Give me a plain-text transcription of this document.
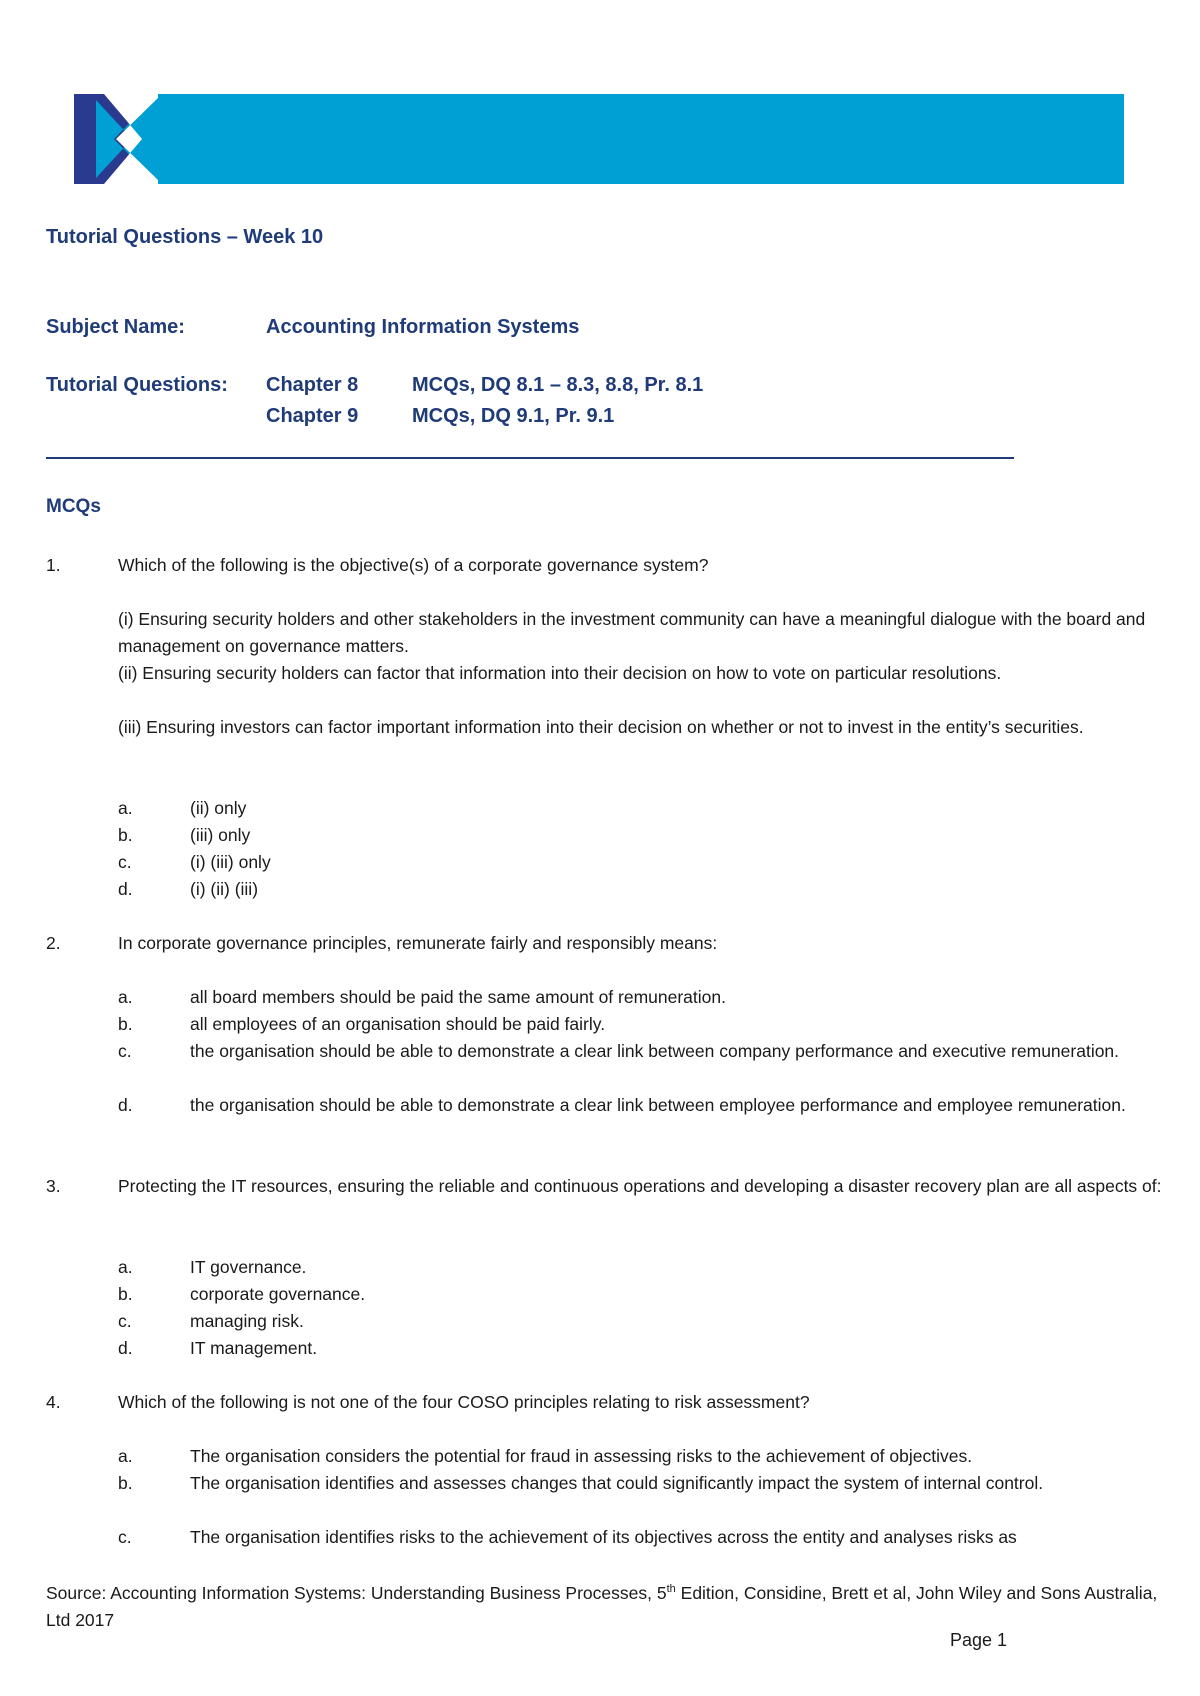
Tutorial Questions – Week 10
Subject Name:	Accounting Information Systems
Tutorial Questions: Chapter 8	MCQs, DQ 8.1 – 8.3, 8.8, Pr. 8.1
Chapter 9	MCQs, DQ 9.1, Pr. 9.1
MCQs
1.	Which of the following is the objective(s) of a corporate governance system?
(i) Ensuring security holders and other stakeholders in the investment community can have a meaningful dialogue with the board and management on governance matters.
(ii) Ensuring security holders can factor that information into their decision on how to vote on particular resolutions.
(iii) Ensuring investors can factor important information into their decision on whether or not to invest in the entity’s securities.
a.	(ii) only
b.	(iii) only
c.	(i) (iii) only
d.	(i) (ii) (iii)
2.	In corporate governance principles, remunerate fairly and responsibly means:
a.	all board members should be paid the same amount of remuneration.
b.	all employees of an organisation should be paid fairly.
c.	the organisation should be able to demonstrate a clear link between company performance and executive remuneration.
d.	the organisation should be able to demonstrate a clear link between employee performance and employee remuneration.
3.	Protecting the IT resources, ensuring the reliable and continuous operations and developing a disaster recovery plan are all aspects of:
a.	IT governance.
b.	corporate governance.
c.	managing risk.
d.	IT management.
4.	Which of the following is not one of the four COSO principles relating to risk assessment?
a.	The organisation considers the potential for fraud in assessing risks to the achievement of objectives.
b.	The organisation identifies and assesses changes that could significantly impact the system of internal control.
c.	The organisation identifies risks to the achievement of its objectives across the entity and analyses risks as
Source: Accounting Information Systems: Understanding Business Processes, 5th Edition, Considine, Brett et al, John Wiley and Sons Australia, Ltd 2017
Page 1
